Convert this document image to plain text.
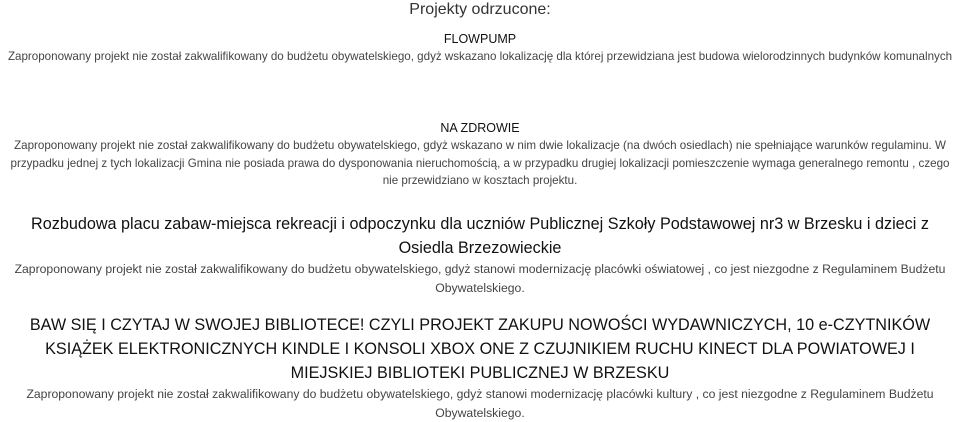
Projekty odrzucone:
FLOWPUMP

Zaproponowany projekt nie został zakwalifikowany do budżetu obywatelskiego, gdyż wskazano lokalizację dla której przewidziana jest budowa wielorodzinnych budynków komunalnych

NA ZDROWIE

Zaproponowany projekt nie został zakwalifikowany do budżetu obywatelskiego, gdyż wskazano w nim dwie lokalizacje (na dwóch osiedlach) nie spełniające warunków regulaminu. W przypadku jednej z tych lokalizacji Gmina nie posiada prawa do dysponowania nieruchomością, a w przypadku drugiej lokalizacji pomieszczenie wymaga generalnego remontu , czego nie przewidziano w kosztach projektu.

Rozbudowa placu zabaw-miejsca rekreacji i odpoczynku dla uczniów Publicznej Szkoły Podstawowej nr3 w Brzesku i dzieci z Osiedla Brzezowieckie

Zaproponowany projekt nie został zakwalifikowany do budżetu obywatelskiego, gdyż stanowi modernizację placówki oświatowej , co jest niezgodne z Regulaminem Budżetu Obywatelskiego.

BAW SIĘ I CZYTAJ W SWOJEJ BIBLIOTECE! CZYLI PROJEKT ZAKUPU NOWOŚCI WYDAWNICZYCH, 10 e-CZYTNIKÓW KSIĄŻEK ELEKTRONICZNYCH KINDLE I KONSOLI XBOX ONE Z CZUJNIKIEM RUCHU KINECT DLA POWIATOWEJ I MIEJSKIEJ BIBLIOTEKI PUBLICZNEJ W BRZESKU

Zaproponowany projekt nie został zakwalifikowany do budżetu obywatelskiego, gdyż stanowi modernizację placówki kultury , co jest niezgodne z Regulaminem Budżetu Obywatelskiego.
